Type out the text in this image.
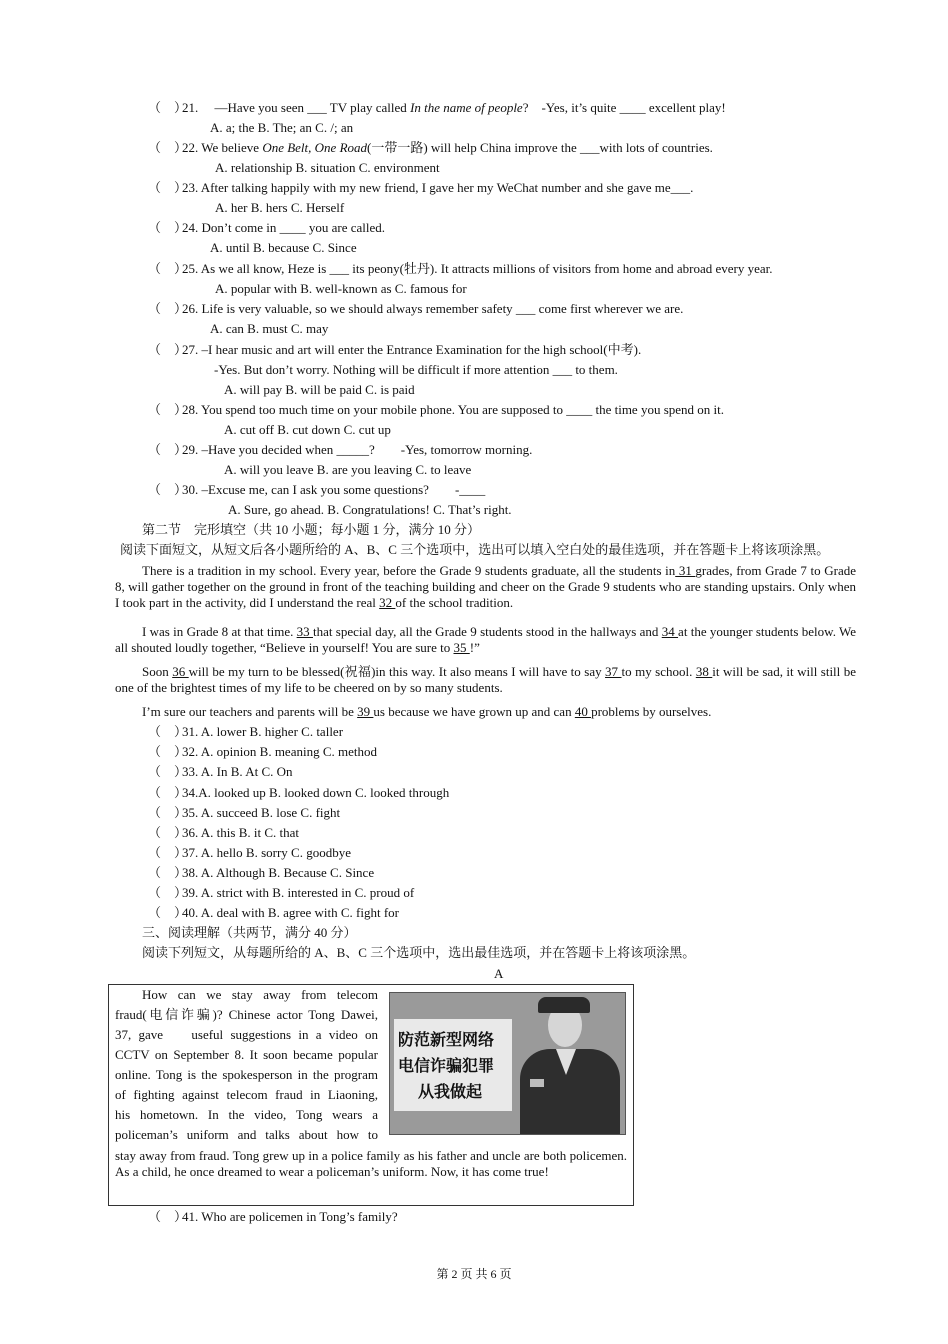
（　）21.　 —Have you seen ___ TV play called In the name of people?　-Yes, it’s quite ____ excellent play!
A. a; the B. The; an C. /; an
（　）22. We believe One Belt, One Road(一带一路) will help China improve the ___with lots of countries.
A. relationship B. situation C. environment
（　）23. After talking happily with my new friend, I gave her my WeChat number and she gave me___.
A. her B. hers C. Herself
（　）24. Don’t come in ____ you are called.
A. until B. because C. Since
（　）25. As we all know, Heze is ___ its peony(牡丹). It attracts millions of visitors from home and abroad every year.
A. popular with B. well-known as C. famous for
（　）26. Life is very valuable, so we should always remember safety ___ come first wherever we are.
A. can B. must C. may
（　）27. –I hear music and art will enter the Entrance Examination for the high school(中考).
-Yes. But don’t worry. Nothing will be difficult if more attention ___ to them.
A. will pay B. will be paid C. is paid
（　）28. You spend too much time on your mobile phone. You are supposed to ____ the time you spend on it.
A. cut off B. cut down C. cut up
（　）29. –Have you decided when _____?　　-Yes, tomorrow morning.
A. will you leave B. are you leaving C. to leave
（　）30. –Excuse me, can I ask you some questions?　　-____
A. Sure, go ahead. B. Congratulations! C. That’s right.
第二节　完形填空（共 10 小题；每小题 1 分，满分 10 分）
阅读下面短文，从短文后各小题所给的 A、B、C 三个选项中，选出可以填入空白处的最佳选项，并在答题卡上将该项涂黑。
There is a tradition in my school. Every year, before the Grade 9 students graduate, all the students in 31 grades, from Grade 7 to Grade 8, will gather together on the ground in front of the teaching building and cheer on the Grade 9 students who are standing upstairs. Only when I took part in the activity, did I understand the real 32 of the school tradition.
I was in Grade 8 at that time. 33 that special day, all the Grade 9 students stood in the hallways and 34 at the younger students below. We all shouted loudly together, “Believe in yourself! You are sure to 35 !”
Soon 36 will be my turn to be blessed(祝福)in this way. It also means I will have to say 37 to my school. 38 it will be sad, it will still be one of the brightest times of my life to be cheered on by so many students.
I’m sure our teachers and parents will be 39 us because we have grown up and can 40 problems by ourselves.
（　）31. A. lower B. higher C. taller
（　）32. A. opinion B. meaning C. method
（　）33. A. In B. At C. On
（　）34.A. looked up B. looked down C. looked through
（　）35. A. succeed B. lose C. fight
（　）36. A. this B. it C. that
（　）37. A. hello B. sorry C. goodbye
（　）38. A. Although B. Because C. Since
（　）39. A. strict with B. interested in C. proud of
（　）40. A. deal with B. agree with C. fight for
三、阅读理解（共两节，满分 40 分）
阅读下列短文，从每题所给的 A、B、C 三个选项中，选出最佳选项，并在答题卡上将该项涂黑。
A
How can we stay away from telecom
fraud(电信诈骗)? Chinese actor Tong Dawei,
37, gave　 useful suggestions in a video on
CCTV on September 8. It soon became popular
online. Tong is the spokesperson in the program
of fighting against telecom fraud in Liaoning,
his hometown. In the video, Tong wears a
policeman’s uniform and talks about how to
stay away from fraud. Tong grew up in a police family as his father and uncle are both policemen. As a child, he once dreamed to wear a policeman’s uniform. Now, it has come true!
防范新型网络
电信诈骗犯罪
从我做起
（　）41. Who are policemen in Tong’s family?
第 2 页 共 6 页
